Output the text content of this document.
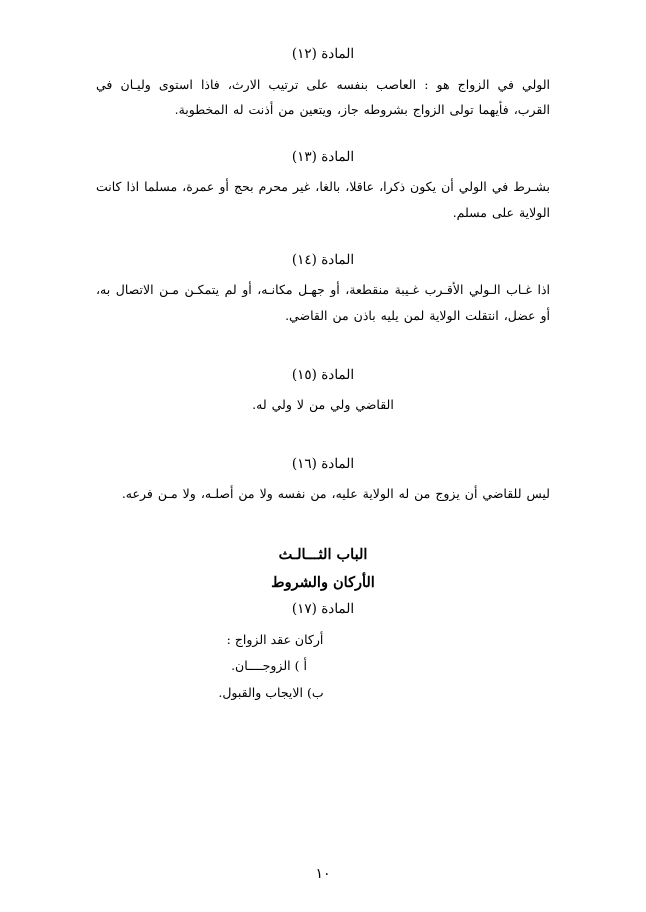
المادة (١٢)
الولي في الزواج هو : العاصب بنفسه على ترتيب الارث، فاذا استوى وليـان في القرب، فأيهما تولى الزواج بشروطه جاز، ويتعين من أذنت له المخطوبة.
المادة (١٣)
بشـرط في الولي أن يكون ذكرا، عاقلا، بالغا، غير محرم بحج أو عمرة، مسلما اذا كانت الولاية على مسلم.
المادة (١٤)
اذا غـاب الـولي الأقـرب غـيبة منقطعة، أو جهـل مكانـه، أو لم يتمكـن مـن الاتصال به، أو عضل، انتقلت الولاية لمن يليه باذن من القاضي.
المادة (١٥)
القاضي ولي من لا ولي له.
المادة (١٦)
ليس للقاضي أن يزوج من له الولاية عليه، من نفسه ولا من أصلـه، ولا مـن فرعه.
الباب الثـــالـث
الأركان والشروط
المادة (١٧)
أركان عقد الزواج :
أ ) الزوجــــان.
ب) الايجاب والقبول.
١٠
